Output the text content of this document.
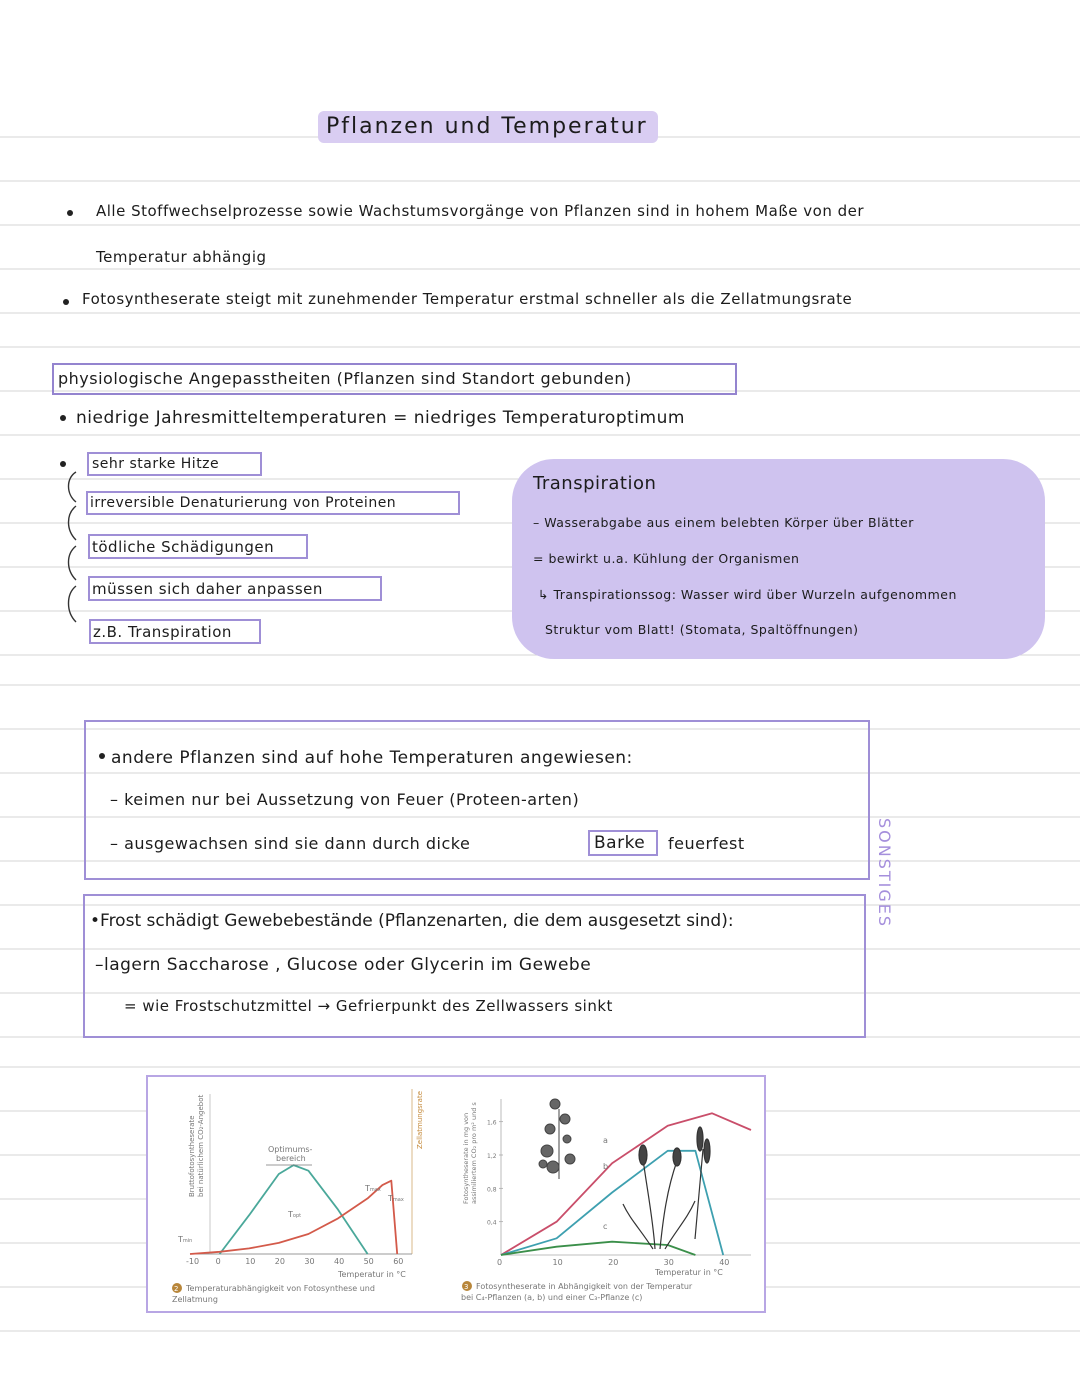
Pflanzen und Temperatur
Alle Stoffwechselprozesse sowie Wachstumsvorgänge von Pflanzen sind in hohem Maße von der
Temperatur abhängig
Fotosyntheserate steigt mit zunehmender Temperatur erstmal schneller als die Zellatmungsrate
physiologische Angepasstheiten (Pflanzen sind Standort gebunden)
niedrige Jahresmitteltemperaturen = niedriges Temperaturoptimum
sehr starke Hitze
irreversible Denaturierung von Proteinen
tödliche Schädigungen
müssen sich daher anpassen
z.B. Transpiration
Transpiration
– Wasserabgabe aus einem belebten Körper über Blätter
= bewirkt u.a. Kühlung der Organismen
↳ Transpirationssog: Wasser wird über Wurzeln aufgenommen
Struktur vom Blatt! (Stomata, Spaltöffnungen)
andere Pflanzen sind auf hohe Temperaturen angewiesen:
– keimen nur bei Aussetzung von Feuer (Proteen-arten)
– ausgewachsen sind sie dann durch dicke	Barke feuerfest
•Frost schädigt Gewebebestände (Pflanzenarten, die dem ausgesetzt sind):
–lagern Saccharose , Glucose oder Glycerin im Gewebe
= wie Frostschutzmittel → Gefrierpunkt des Zellwassers sinkt
SONSTIGES
Bruttofotosyntheserate bei natürlichem CO₂-Angebot	Zellatmungsrate
-10 0	10 20 30 40 50 60
Optimums-
bereich
Tmin
Topt
Tmax
Tmax
Temperatur in °C
2 Temperaturabhängigkeit von Fotosynthese und
Zellatmung
Fotosyntheserate in mg von assimiliertem CO₂ pro m² und s
0	10	20	30	40
0,4
0,8
1,2
1,6
a
b
c
Temperatur in °C
3 Fotosyntheserate in Abhängigkeit von der Temperatur
bei C₄-Pflanzen (a, b) und einer C₃-Pflanze (c)
